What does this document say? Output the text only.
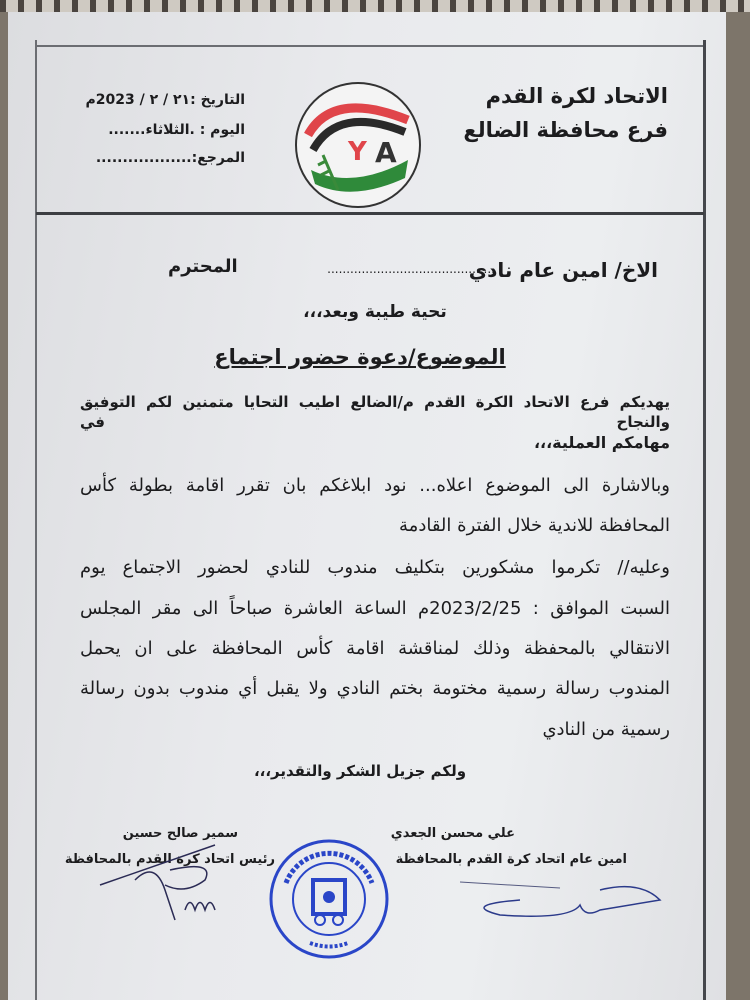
الاتحاد لكرة القدم
فرع محافظة الضالع
التاريخ :٢١ / ٢ / 2023م
اليوم : .الثلاثاء.......
المرجع:..................	Y A
الاخ/ امين عام نادي
............................................
المحترم
تحية طيبة وبعد،،،
الموضوع/دعوة حضور اجتماع
يهديكم فرع الاتحاد الكرة القدم م/الضالع اطيب التحايا متمنين لكم التوفيق والنجاح في
مهامكم العملية،،،
وبالاشارة الى الموضوع اعلاه... نود ابلاغكم بان تقرر اقامة بطولة كأس
المحافظة للاندية خلال الفترة القادمة
وعليه// تكرموا مشكورين بتكليف مندوب للنادي لحضور الاجتماع يوم
السبت الموافق : 2023/2/25م الساعة العاشرة صباحاً الى مقر المجلس
الانتقالي بالمحفظة وذلك لمناقشة اقامة كأس المحافظة على ان يحمل
المندوب رسالة رسمية مختومة بختم النادي ولا يقبل أي مندوب بدون رسالة
رسمية من النادي
ولكم جزيل الشكر والتقدير،،،
علي محسن الجعدي
امين عام اتحاد كرة القدم بالمحافظة
سمير صالح حسين
رئيس اتحاد كرة القدم بالمحافظة
